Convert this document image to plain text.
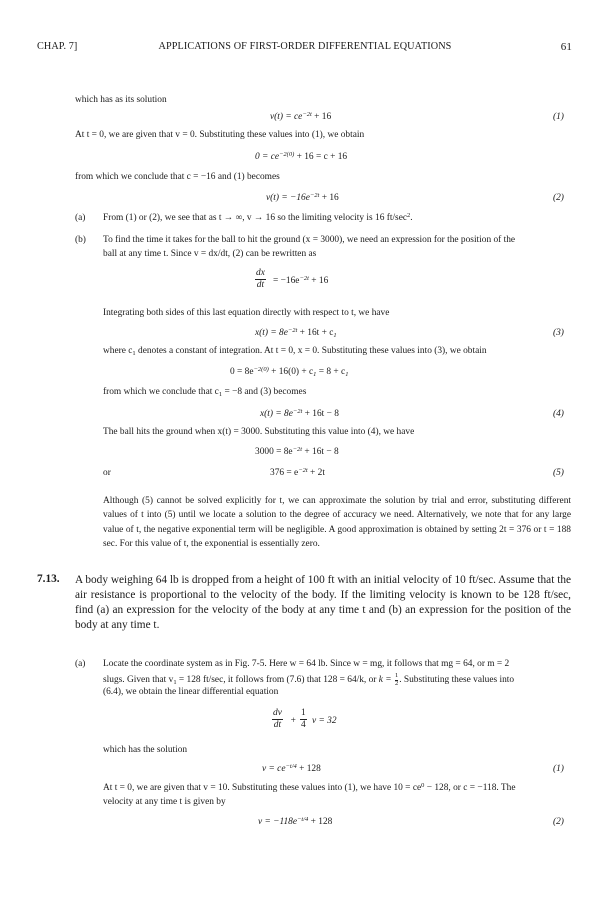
CHAP. 7]	APPLICATIONS OF FIRST-ORDER DIFFERENTIAL EQUATIONS	61
which has as its solution
$v(t) = ce^{-2t} + 16$	(1)
At t = 0, we are given that v = 0. Substituting these values into (1), we obtain
$0 = ce^{-2(0)} + 16 = c + 16$
from which we conclude that c = −16 and (1) becomes
$v(t) = -16e^{-2t} + 16$	(2)
(a) From (1) or (2), we see that as t → ∞, v → 16 so the limiting velocity is 16 $ft/\sec^2$.
(b) To find the time it takes for the ball to hit the ground (x = 3000), we need an expression for the position of the
ball at any time t. Since v = dx/dt, (2) can be rewritten as
$\frac{dx}{dt} = -16e^{-2t} + 16$
Integrating both sides of this last equation directly with respect to t, we have
$x(t) = 8e^{-2t} + 16t + c_1$	(3)
where $c_1$ denotes a constant of integration. At t = 0, x = 0. Substituting these values into (3), we obtain
$0 = 8e^{-2(0)} + 16(0) + c_1 = 8 + c_1$
from which we conclude that $c_1 = -8$ and (3) becomes
$x(t) = 8e^{-2t} + 16t - 8$	(4)
The ball hits the ground when x(t) = 3000. Substituting this value into (4), we have
$3000 = 8e^{-2t} + 16t - 8$
or	$376 = e^{-2t} + 2t$	(5)
Although (5) cannot be solved explicitly for t, we can approximate the solution by trial and error, substituting different values of t into (5) until we locate a solution to the degree of accuracy we need. Alternatively, we note that for any large value of t, the negative exponential term will be negligible. A good approximation is obtained by setting 2t = 376 or t = 188 sec. For this value of t, the exponential is essentially zero.
7.13. A body weighing 64 lb is dropped from a height of 100 ft with an initial velocity of 10 ft/sec. Assume that the air resistance is proportional to the velocity of the body. If the limiting velocity is known to be 128 ft/sec, find (a) an expression for the velocity of the body at any time t and (b) an expression for the position of the body at any time t.
(a) Locate the coordinate system as in Fig. 7-5. Here w = 64 lb. Since w = mg, it follows that mg = 64, or m = 2
slugs. Given that $v_1 = 128$ ft/sec, it follows from (7.6) that 128 = 64/k, or $k = \frac{1}{2}$ . Substituting these values into
(6.4), we obtain the linear differential equation
$\frac{dv}{dt} + \frac{1}{4}$ v = 32
which has the solution
$v = ce^{-t/4} + 128$	(1)
At t = 0, we are given that v = 10. Substituting these values into (1), we have $10 = ce^0 - 128$, or c = −118. The
velocity at any time t is given by
$v = -118e^{-t/4} + 128$	(2)
